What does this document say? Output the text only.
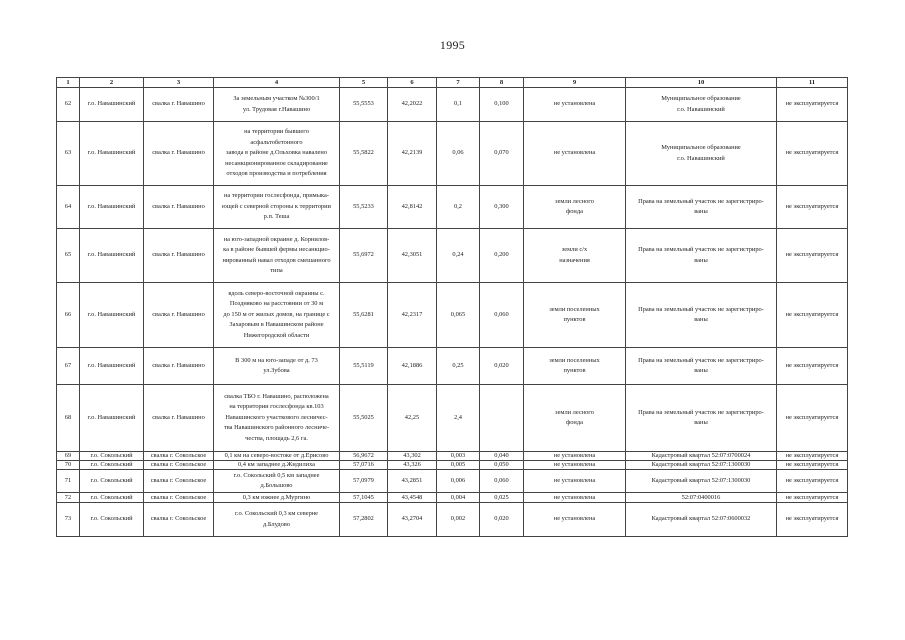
1995
1	2	3	4	5	6	7	8	9	10	11
62	г.о. Навашинский	свалка г. Навашино	За земельным участком №300/1
ул. Трудовая г.Навашино	55,5553	42,2022	0,1	0,100	не установлена	Муниципальное образование
г.о. Навашинский	не эксплуатируется
63	г.о. Навашинский	свалка г. Навашино	на территории бывшего
асфальтобетонного
завода в районе д.Ольховка навалено
несанкционированное складирование
отходов производства и потребления	55,5822	42,2139	0,06	0,070	не установлена	Муниципальное образование
г.о. Навашинский	не эксплуатируется
64	г.о. Навашинский	свалка г. Навашино	на территории гослесфонда, примыка-
ющей с северной стороны к территории
р.п. Теша	55,5233	42,8142	0,2	0,300	земли лесного
фонда	Права на земельный участок не зарегистриро-
ваны	не эксплуатируется
65	г.о. Навашинский	свалка г. Навашино	на юго-западной окраине д. Корнилов-
ка в районе бывшей фермы несанкцио-
нированный навал отходов смешанного
типа	55,6972	42,3051	0,24	0,200	земли с/х
назначения	Права на земельный участок не зарегистриро-
ваны	не эксплуатируется
66	г.о. Навашинский	свалка г. Навашино	вдоль северо-восточной окраины с.
Поздняково на расстоянии от 30 м
до 150 м от жилых домов, на границе с
Захаровым в Навашинском районе
Нижегородской области	55,6281	42,2317	0,065	0,060	земли поселенных
пунктов	Права на земельный участок не зарегистриро-
ваны	не эксплуатируется
67	г.о. Навашинский	свалка г. Навашино	В 300 м на юго-западе от д. 73
ул.Зубова	55,5119	42,1886	0,25	0,020	земли поселенных
пунктов	Права на земельный участок не зарегистриро-
ваны	не эксплуатируется
68	г.о. Навашинский	свалка г. Навашино	свалка ТБО г. Навашино, расположена
на территории гослесфонда кв.103
Навашинского участкового лесничес-
тва Навашинского районного лесниче-
чества, площадь 2,6 га.	55,5025	42,25	2,4		земли лесного
фонда	Права на земельный участок не зарегистриро-
ваны	не эксплуатируется
69	г.о. Сокольский	свалка г. Сокольское	0,1 км на северо-востоке от д.Ерисово	56,9672	43,302	0,003	0,040	не установлена	Кадастровый квартал 52:07:0700024	не эксплуатируется
70	г.о. Сокольский	свалка г. Сокольское	0,4 км западнее д.Жидилиха	57,0716	43,326	0,005	0,050	не установлена	Кадастровый квартал 52:07:1300030	не эксплуатируется
71	г.о. Сокольский	свалка г. Сокольское	г.о. Сокольский 0,5 км западнее
д.Большово	57,0979	43,2851	0,006	0,060	не установлена	Кадастровый квартал 52:07:1300030	не эксплуатируется
72	г.о. Сокольский	свалка г. Сокольское	0,3 км южнее д.Мургино	57,1045	43,4548	0,004	0,025	не установлена	52:07:0400016	не эксплуатируется
73	г.о. Сокольский	свалка г. Сокольское	г.о. Сокольский 0,3 км северне
д.Блудово	57,2802	43,2704	0,002	0,020	не установлена	Кадастровый квартал 52:07:0600032	не эксплуатируется
